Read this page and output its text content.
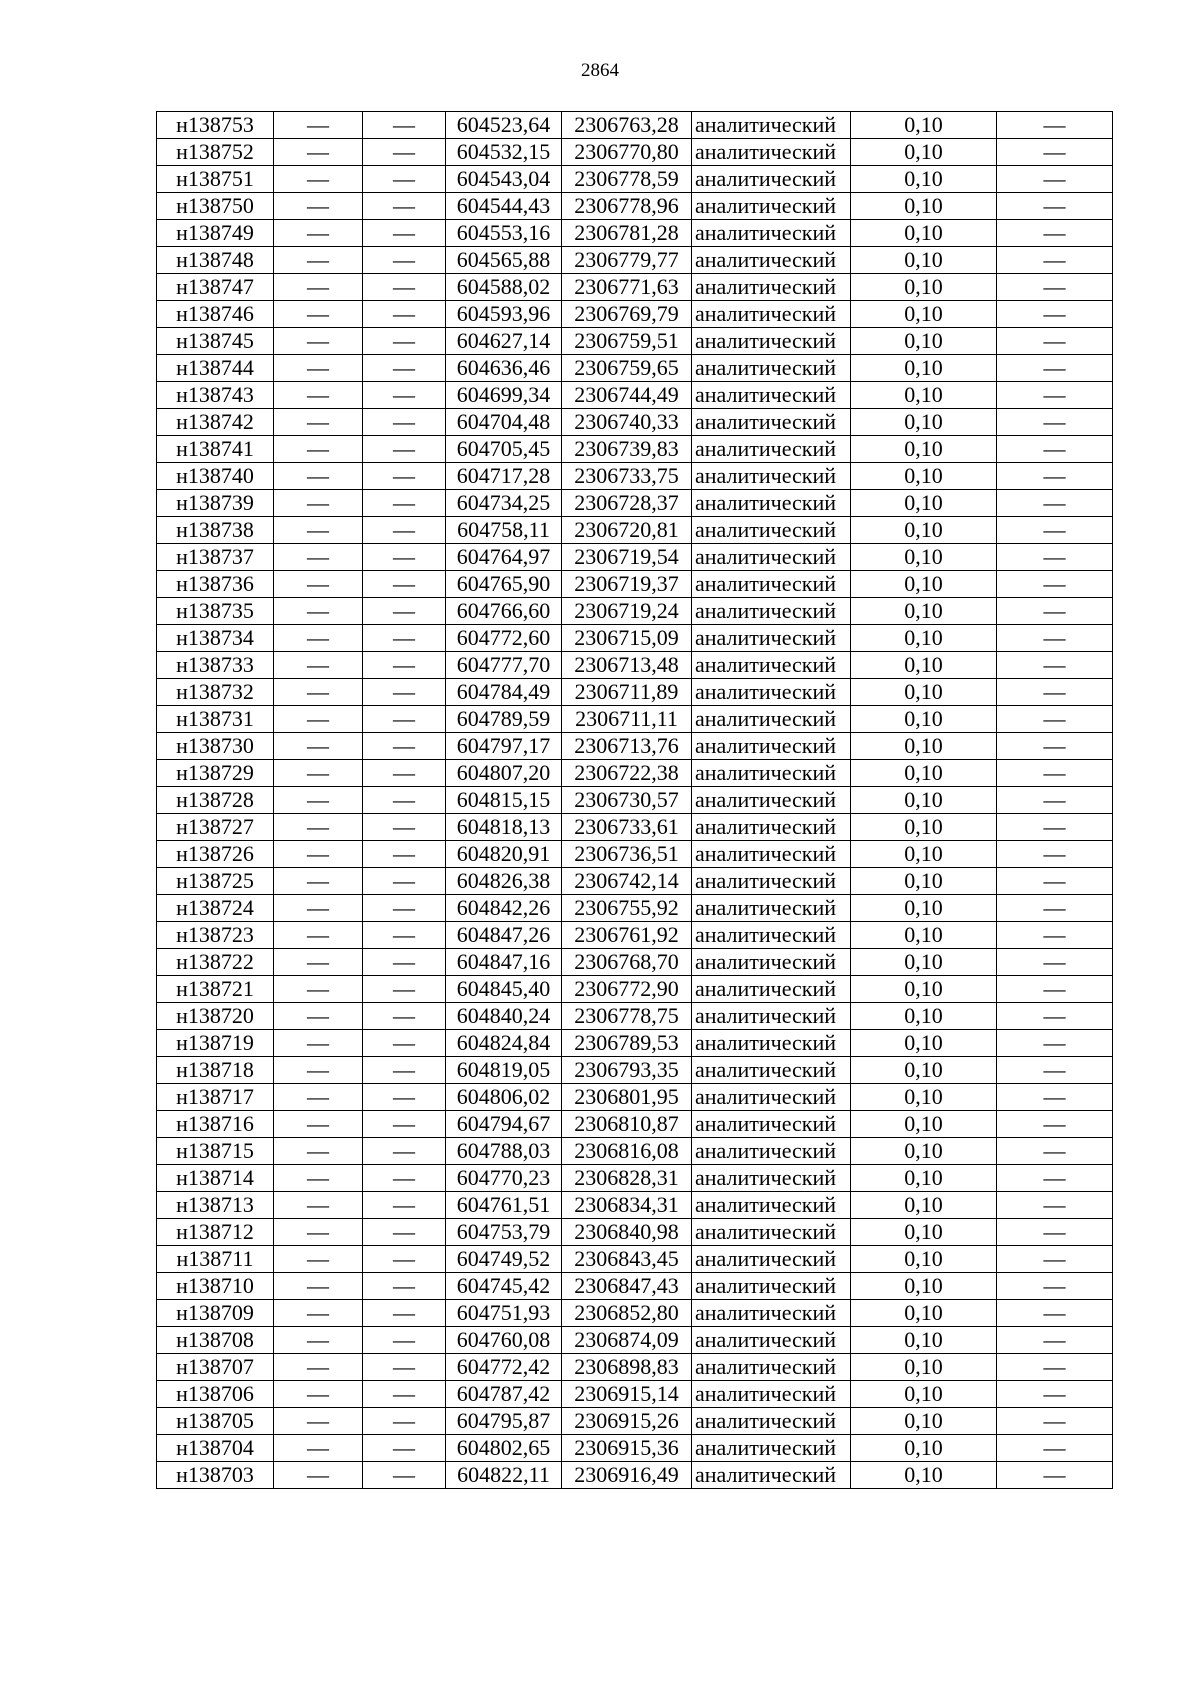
2864
н138753	—	—	604523,64	2306763,28	аналитический	0,10	—
н138752	—	—	604532,15	2306770,80	аналитический	0,10	—
н138751	—	—	604543,04	2306778,59	аналитический	0,10	—
н138750	—	—	604544,43	2306778,96	аналитический	0,10	—
н138749	—	—	604553,16	2306781,28	аналитический	0,10	—
н138748	—	—	604565,88	2306779,77	аналитический	0,10	—
н138747	—	—	604588,02	2306771,63	аналитический	0,10	—
н138746	—	—	604593,96	2306769,79	аналитический	0,10	—
н138745	—	—	604627,14	2306759,51	аналитический	0,10	—
н138744	—	—	604636,46	2306759,65	аналитический	0,10	—
н138743	—	—	604699,34	2306744,49	аналитический	0,10	—
н138742	—	—	604704,48	2306740,33	аналитический	0,10	—
н138741	—	—	604705,45	2306739,83	аналитический	0,10	—
н138740	—	—	604717,28	2306733,75	аналитический	0,10	—
н138739	—	—	604734,25	2306728,37	аналитический	0,10	—
н138738	—	—	604758,11	2306720,81	аналитический	0,10	—
н138737	—	—	604764,97	2306719,54	аналитический	0,10	—
н138736	—	—	604765,90	2306719,37	аналитический	0,10	—
н138735	—	—	604766,60	2306719,24	аналитический	0,10	—
н138734	—	—	604772,60	2306715,09	аналитический	0,10	—
н138733	—	—	604777,70	2306713,48	аналитический	0,10	—
н138732	—	—	604784,49	2306711,89	аналитический	0,10	—
н138731	—	—	604789,59	2306711,11	аналитический	0,10	—
н138730	—	—	604797,17	2306713,76	аналитический	0,10	—
н138729	—	—	604807,20	2306722,38	аналитический	0,10	—
н138728	—	—	604815,15	2306730,57	аналитический	0,10	—
н138727	—	—	604818,13	2306733,61	аналитический	0,10	—
н138726	—	—	604820,91	2306736,51	аналитический	0,10	—
н138725	—	—	604826,38	2306742,14	аналитический	0,10	—
н138724	—	—	604842,26	2306755,92	аналитический	0,10	—
н138723	—	—	604847,26	2306761,92	аналитический	0,10	—
н138722	—	—	604847,16	2306768,70	аналитический	0,10	—
н138721	—	—	604845,40	2306772,90	аналитический	0,10	—
н138720	—	—	604840,24	2306778,75	аналитический	0,10	—
н138719	—	—	604824,84	2306789,53	аналитический	0,10	—
н138718	—	—	604819,05	2306793,35	аналитический	0,10	—
н138717	—	—	604806,02	2306801,95	аналитический	0,10	—
н138716	—	—	604794,67	2306810,87	аналитический	0,10	—
н138715	—	—	604788,03	2306816,08	аналитический	0,10	—
н138714	—	—	604770,23	2306828,31	аналитический	0,10	—
н138713	—	—	604761,51	2306834,31	аналитический	0,10	—
н138712	—	—	604753,79	2306840,98	аналитический	0,10	—
н138711	—	—	604749,52	2306843,45	аналитический	0,10	—
н138710	—	—	604745,42	2306847,43	аналитический	0,10	—
н138709	—	—	604751,93	2306852,80	аналитический	0,10	—
н138708	—	—	604760,08	2306874,09	аналитический	0,10	—
н138707	—	—	604772,42	2306898,83	аналитический	0,10	—
н138706	—	—	604787,42	2306915,14	аналитический	0,10	—
н138705	—	—	604795,87	2306915,26	аналитический	0,10	—
н138704	—	—	604802,65	2306915,36	аналитический	0,10	—
н138703	—	—	604822,11	2306916,49	аналитический	0,10	—
